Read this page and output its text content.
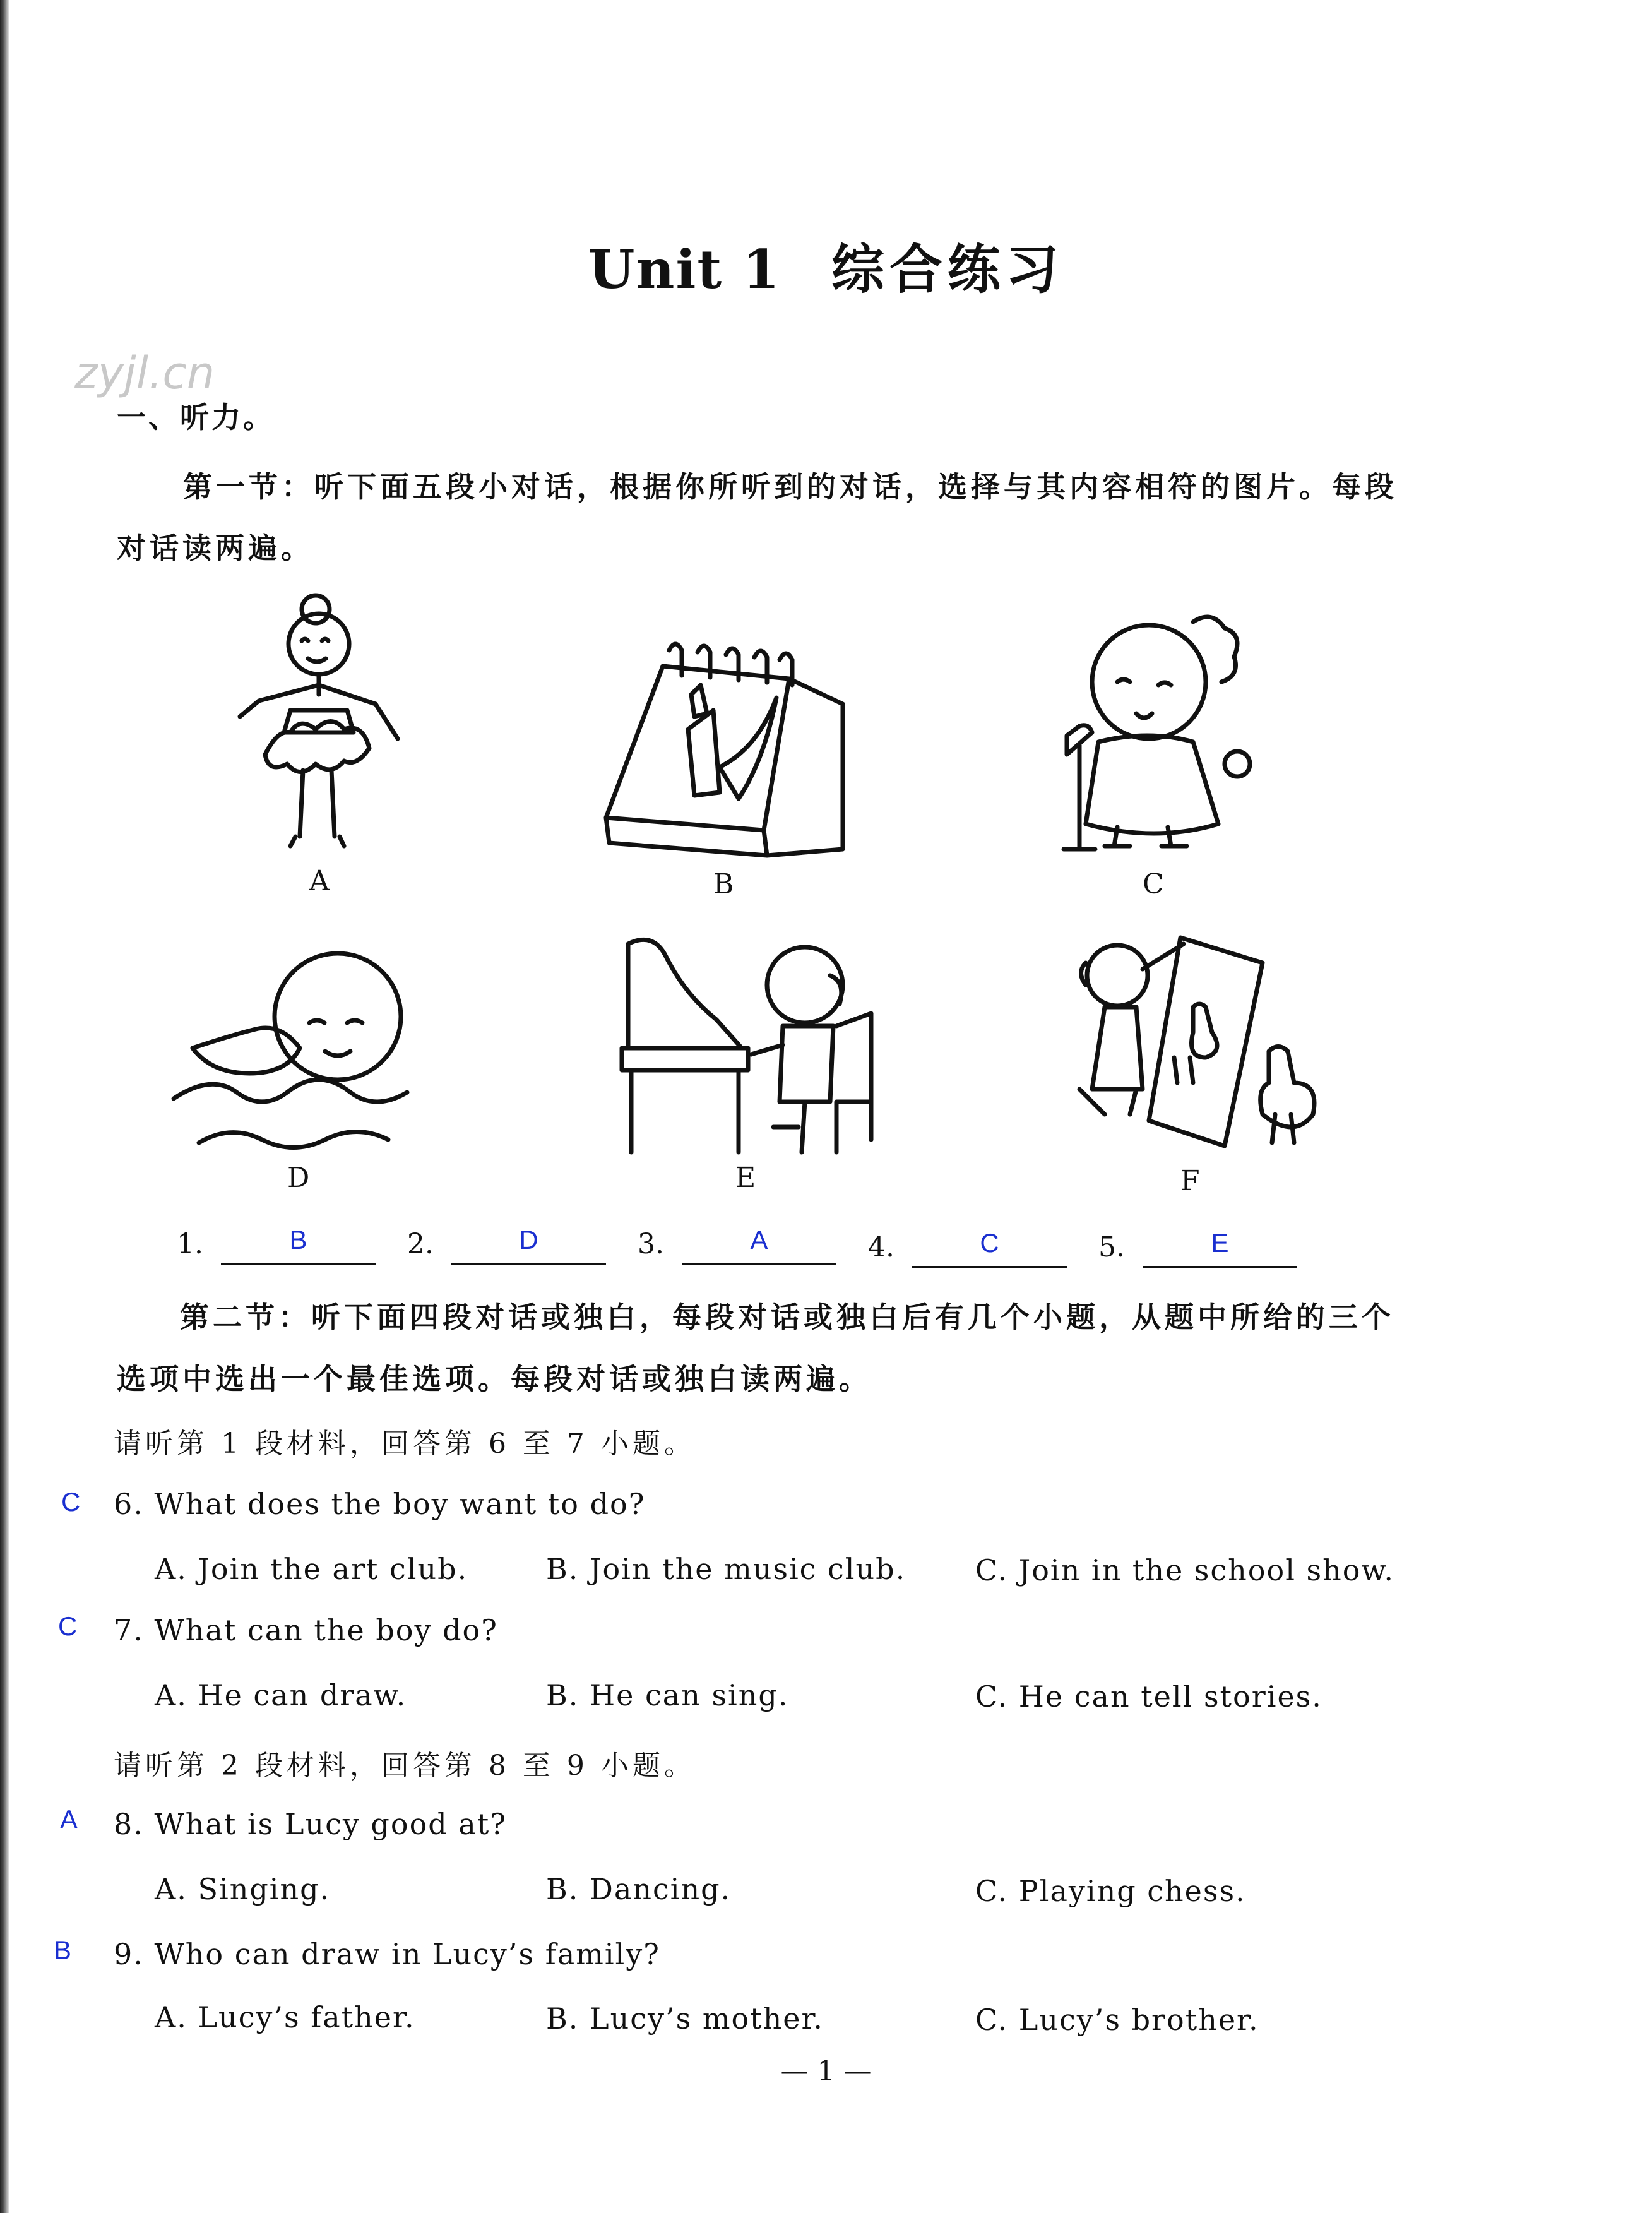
Unit 1 综合练习
zyjl.cn
一、听力。
第一节：听下面五段小对话，根据你所听到的对话，选择与其内容相符的图片。每段
对话读两遍。
A	B	C
D	E	F
1.	B	2.	D	3.	A	4.	C	5.	E
第二节：听下面四段对话或独白，每段对话或独白后有几个小题，从题中所给的三个
选项中选出一个最佳选项。每段对话或独白读两遍。
请听第 1 段材料，回答第 6 至 7 小题。
C 6. What does the boy want to do?
A. Join the art club.	B. Join the music club. C. Join in the school show.
C 7. What can the boy do?
A. He can draw.	B. He can sing.	C. He can tell stories.
请听第 2 段材料，回答第 8 至 9 小题。
A 8. What is Lucy good at?
A. Singing.	B. Dancing.	C. Playing chess.
B 9. Who can draw in Lucy’s family?
A. Lucy’s father.	B. Lucy’s mother.	C. Lucy’s brother.
— 1 —
